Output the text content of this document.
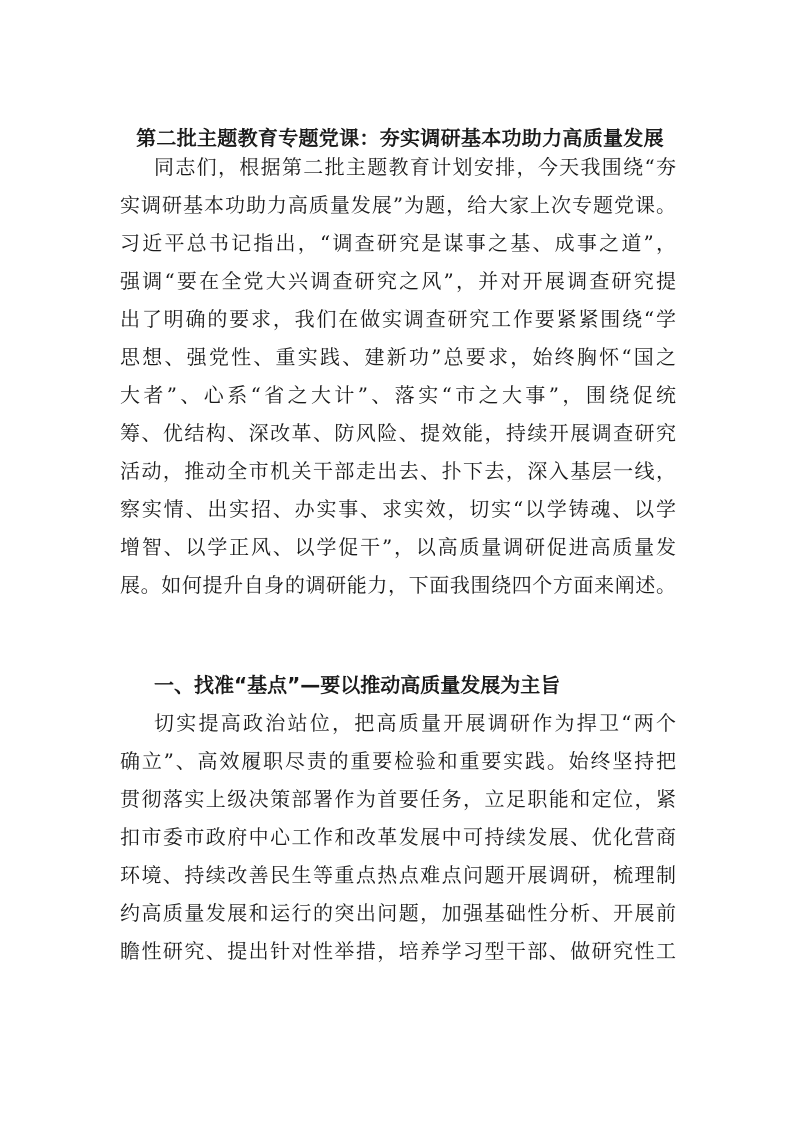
第二批主题教育专题党课：夯实调研基本功助力高质量发展
同志们，根据第二批主题教育计划安排，今天我围绕“夯
实调研基本功助力高质量发展”为题，给大家上次专题党课。
习近平总书记指出，“调查研究是谋事之基、成事之道”，
强调“要在全党大兴调查研究之风”，并对开展调查研究提
出了明确的要求，我们在做实调查研究工作要紧紧围绕“学
思想、强党性、重实践、建新功”总要求，始终胸怀“国之
大者”、心系“省之大计”、落实“市之大事”，围绕促统
筹、优结构、深改革、防风险、提效能，持续开展调查研究
活动，推动全市机关干部走出去、扑下去，深入基层一线，
察实情、出实招、办实事、求实效，切实“以学铸魂、以学
增智、以学正风、以学促干”，以高质量调研促进高质量发
展。如何提升自身的调研能力，下面我围绕四个方面来阐述。
一、找准“基点”—要以推动高质量发展为主旨
切实提高政治站位，把高质量开展调研作为捍卫“两个
确立”、高效履职尽责的重要检验和重要实践。始终坚持把
贯彻落实上级决策部署作为首要任务，立足职能和定位，紧
扣市委市政府中心工作和改革发展中可持续发展、优化营商
环境、持续改善民生等重点热点难点问题开展调研，梳理制
约高质量发展和运行的突出问题，加强基础性分析、开展前
瞻性研究、提出针对性举措，培养学习型干部、做研究性工
